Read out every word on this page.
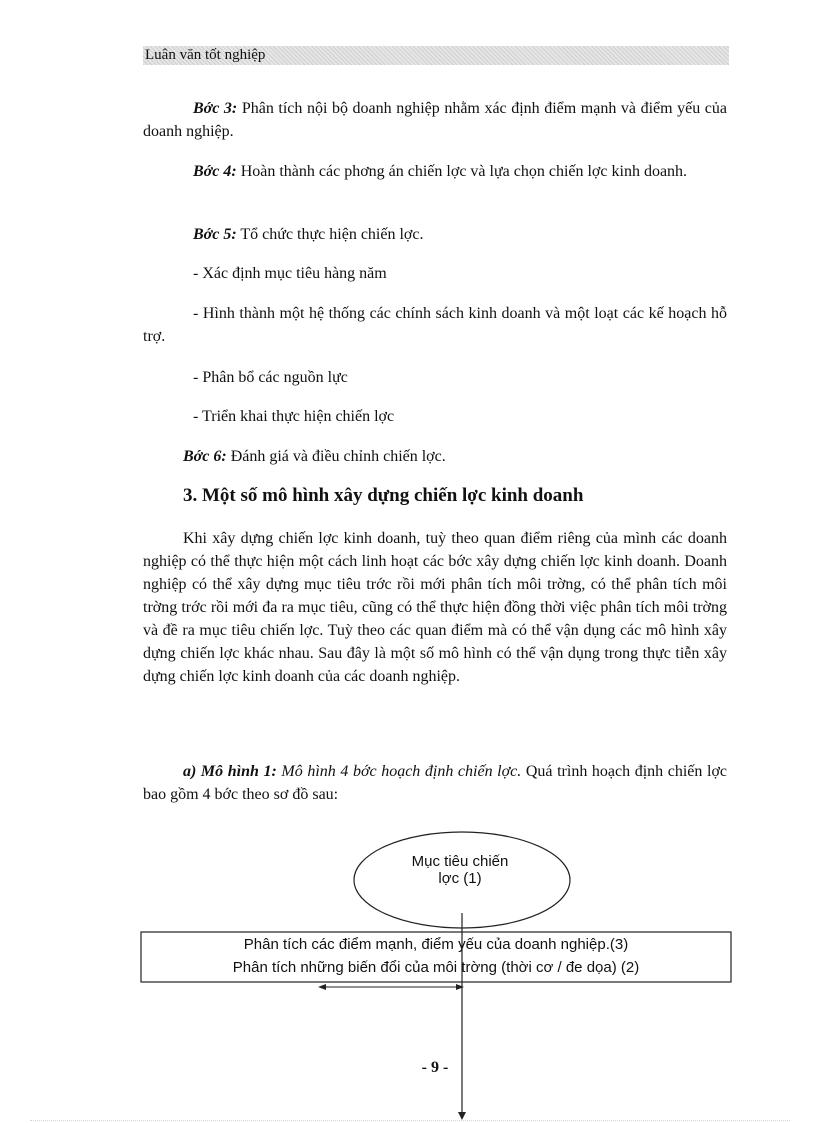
Luân văn tốt nghiệp

Bớc 3: Phân tích nội bộ doanh nghiệp nhằm xác định điểm mạnh và điểm yếu của doanh nghiệp.

Bớc 4: Hoàn thành các phơng án chiến lợc và lựa chọn chiến lợc kinh doanh.

Bớc 5: Tổ chức thực hiện chiến lợc.

- Xác định mục tiêu hàng năm

- Hình thành một hệ thống các chính sách kinh doanh và một loạt các kế hoạch hỗ trợ.

- Phân bổ các nguồn lực

- Triển khai thực hiện chiến lợc

Bớc 6: Đánh giá và điều chỉnh chiến lợc.

3. Một số mô hình xây dựng chiến lợc kinh doanh

Khi xây dựng chiến lợc kinh doanh, tuỳ theo quan điểm riêng của mình các doanh nghiệp có thể thực hiện một cách linh hoạt các bớc xây dựng chiến lợc kinh doanh. Doanh nghiệp có thể xây dựng mục tiêu trớc rồi mới phân tích môi trờng, có thể phân tích môi trờng trớc rồi mới đa ra mục tiêu, cũng có thể thực hiện đồng thời việc phân tích môi trờng và đề ra mục tiêu chiến lợc. Tuỳ theo các quan điểm mà có thể vận dụng các mô hình xây dựng chiến lợc khác nhau. Sau đây là một số mô hình có thể vận dụng trong thực tiễn xây dựng chiến lợc kinh doanh của các doanh nghiệp.

a) Mô hình 1: Mô hình 4 bớc hoạch định chiến lợc. Quá trình hoạch định chiến lợc bao gồm 4 bớc theo sơ đồ sau:

Mục tiêu chiến
lợc (1)
Phân tích các điểm mạnh, điểm yếu của doanh nghiệp.(3)
Phân tích những biến đổi của môi trờng (thời cơ / đe dọa) (2)
- 9 -
